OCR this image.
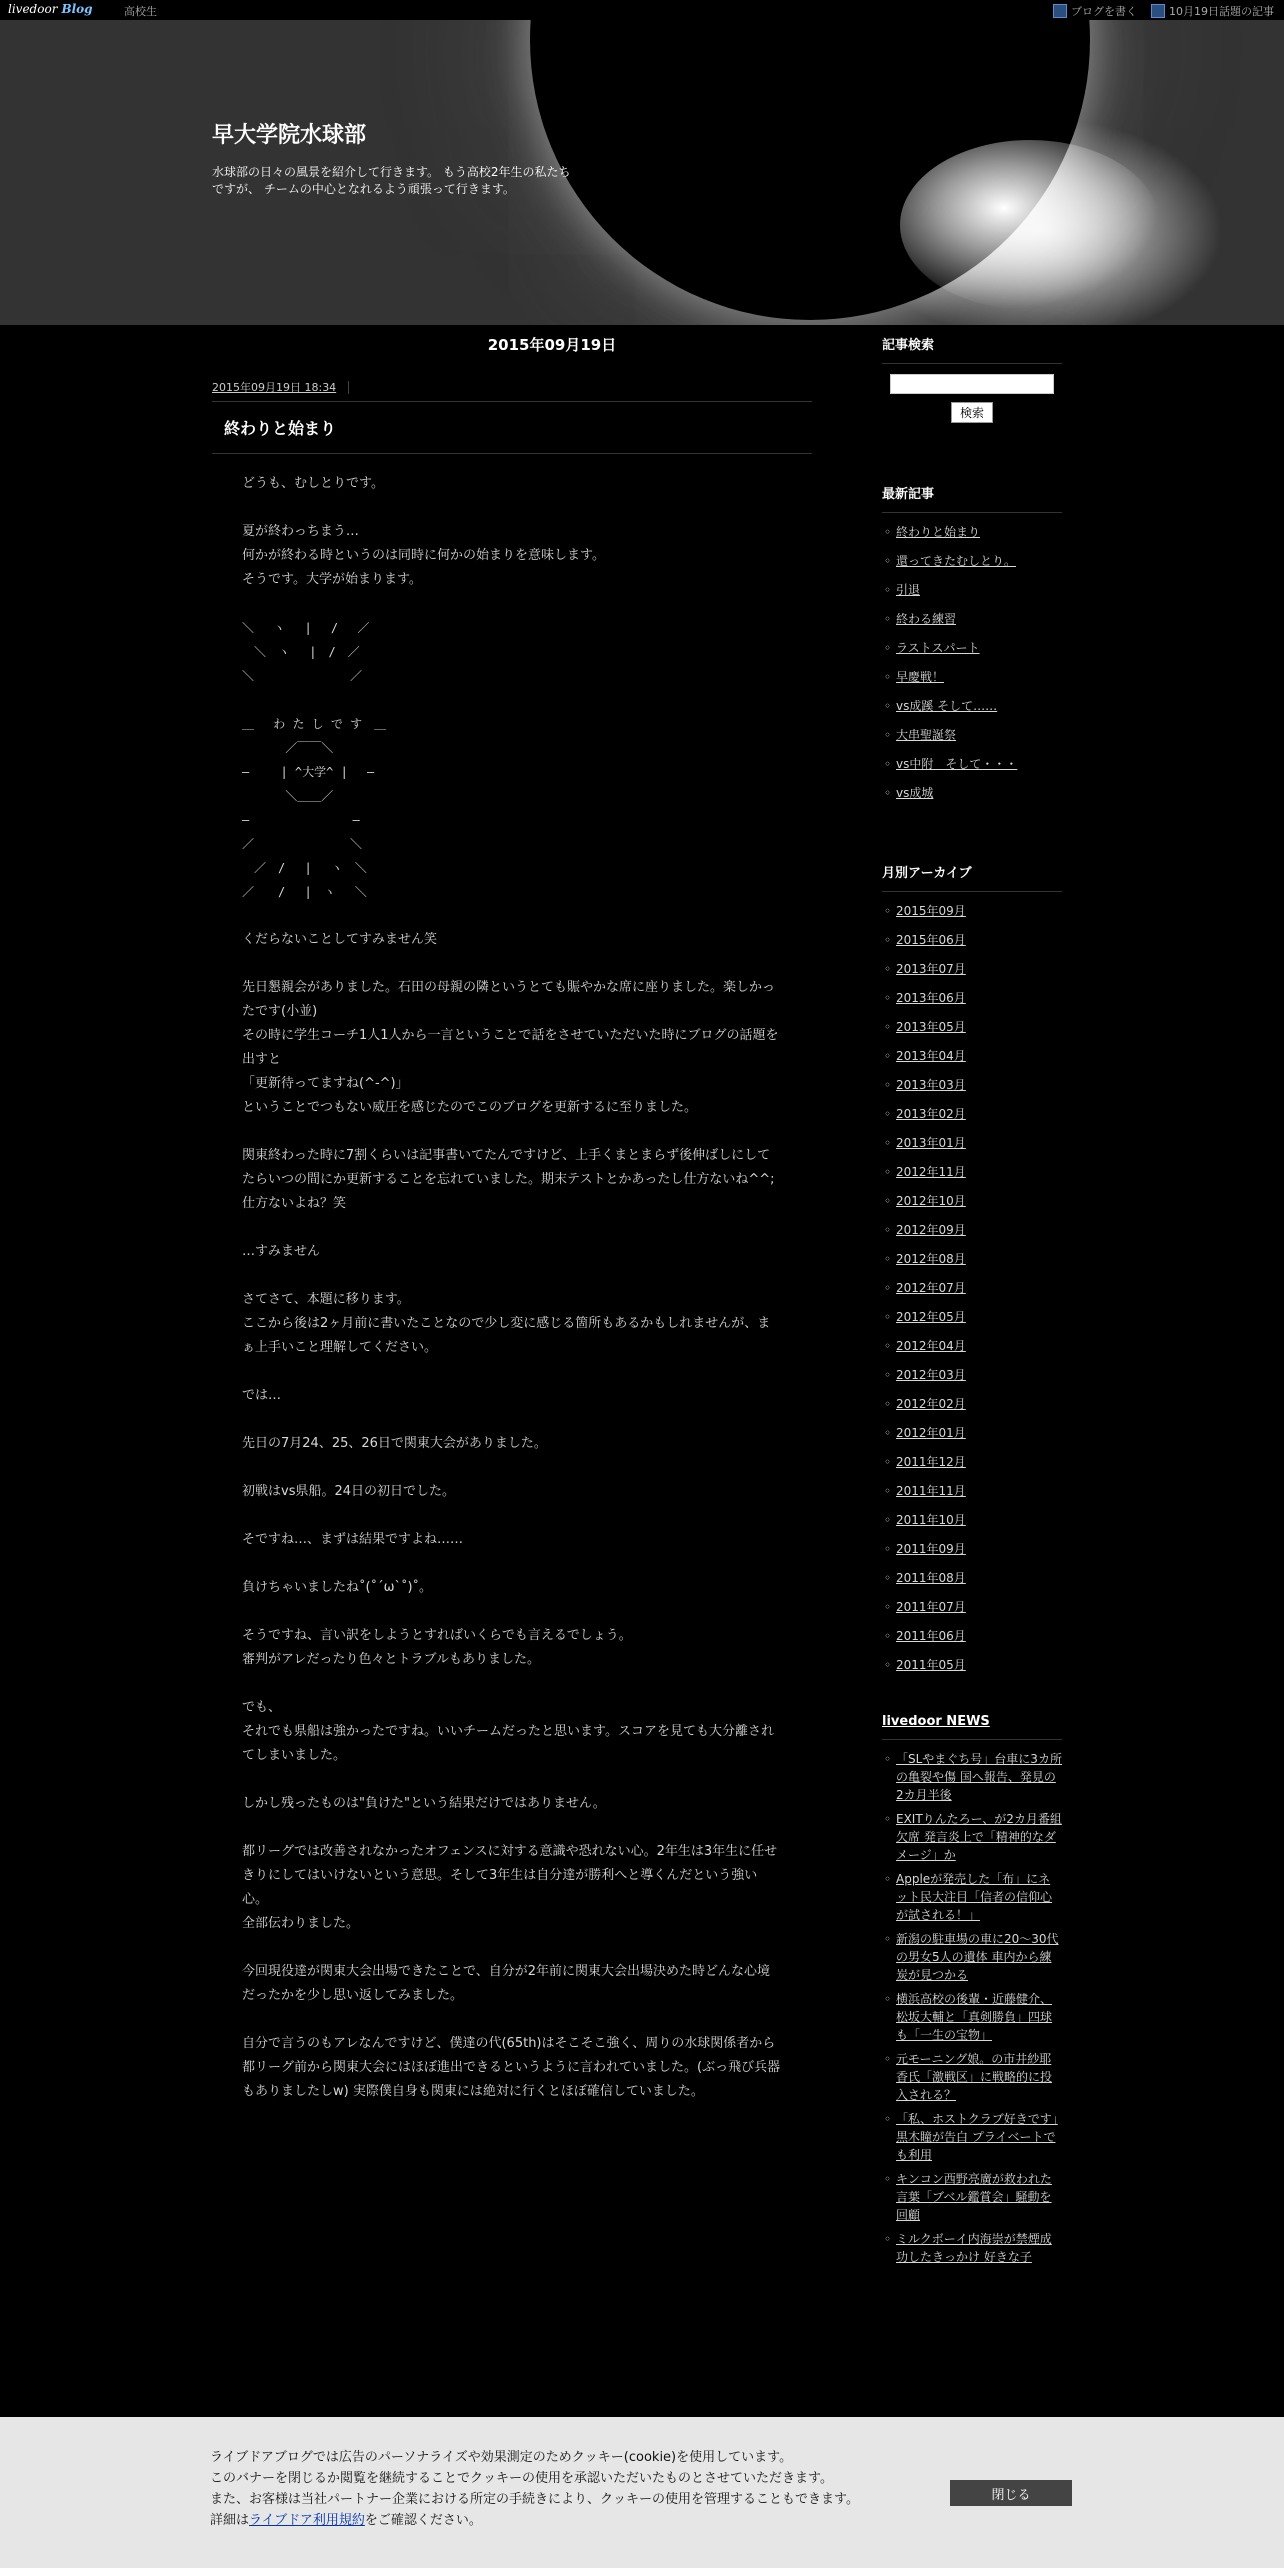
livedoor Blog	高校生	ブログを書く	10月19日話題の記事
早大学院水球部
水球部の日々の風景を紹介して行きます。 もう高校2年生の私たちですが、 チームの中心となれるよう頑張って行きます。
2015年09月19日
2015年09月19日 18:34
終わりと始まり

どうも、むしとりです。

夏が終わっちまう…
何かが終わる時というのは同時に何かの始まりを意味します。
そうです。大学が始まります。

＼　 ヽ　 |　 /　 ／
　＼　ヽ　 |　/　／
＼　　　　　　　　／

＿　 わ た し で す　＿
　　　 ／￣￣＼
―　　 | ^大学^ |　 ―
　　　 ＼＿＿／
―　　　　　　　　 ―
／　　　　　　　　＼
　／　/　 |　 ヽ　＼
／　　/　 |　ヽ　 ＼

くだらないことしてすみません笑

先日懇親会がありました。石田の母親の隣というとても賑やかな席に座りました。楽しかったです(小並)
その時に学生コーチ1人1人から一言ということで話をさせていただいた時にブログの話題を出すと
「更新待ってますね(^-^)」
ということでつもない威圧を感じたのでこのブログを更新するに至りました。

関東終わった時に7割くらいは記事書いてたんですけど、上手くまとまらず後伸ばしにしてたらいつの間にか更新することを忘れていました。期末テストとかあったし仕方ないね^^;
仕方ないよね？笑

…すみません

さてさて、本題に移ります。
ここから後は2ヶ月前に書いたことなので少し変に感じる箇所もあるかもしれませんが、まぁ上手いこと理解してください。

では…

先日の7月24、25、26日で関東大会がありました。

初戦はvs県船。24日の初日でした。

そですね…、まずは結果ですよね……

負けちゃいましたね˚(˚´ω`˚)˚。

そうですね、言い訳をしようとすればいくらでも言えるでしょう。
審判がアレだったり色々とトラブルもありました。

でも、
それでも県船は強かったですね。いいチームだったと思います。スコアを見ても大分離されてしまいました。

しかし残ったものは"負けた"という結果だけではありません。

都リーグでは改善されなかったオフェンスに対する意識や恐れない心。2年生は3年生に任せきりにしてはいけないという意思。そして3年生は自分達が勝利へと導くんだという強い心。
全部伝わりました。

今回現役達が関東大会出場できたことで、自分が2年前に関東大会出場決めた時どんな心境だったかを少し思い返してみました。

自分で言うのもアレなんですけど、僕達の代(65th)はそこそこ強く、周りの水球関係者から都リーグ前から関東大会にはほぼ進出できるというように言われていました。(ぶっ飛び兵器もありましたしw) 実際僕自身も関東には絶対に行くとほぼ確信していました。

記事検索

検索
最新記事
◦ 終わりと始まり
◦ 還ってきたむしとり。
◦ 引退
◦ 終わる練習
◦ ラストスパート
◦ 早慶戦！
◦ vs成蹊 そして……
◦ 大串聖誕祭
◦ vs中附　そして・・・
◦ vs成城
月別アーカイブ
◦ 2015年09月
◦ 2015年06月
◦ 2013年07月
◦ 2013年06月
◦ 2013年05月
◦ 2013年04月
◦ 2013年03月
◦ 2013年02月
◦ 2013年01月
◦ 2012年11月
◦ 2012年10月
◦ 2012年09月
◦ 2012年08月
◦ 2012年07月
◦ 2012年05月
◦ 2012年04月
◦ 2012年03月
◦ 2012年02月
◦ 2012年01月
◦ 2011年12月
◦ 2011年11月
◦ 2011年10月
◦ 2011年09月
◦ 2011年08月
◦ 2011年07月
◦ 2011年06月
◦ 2011年05月
livedoor NEWS
◦ 「SLやまぐち号」台車に3カ所の亀裂や傷 国へ報告、発見の2カ月半後
◦ EXITりんたろー、が2カ月番組欠席 発言炎上で「精神的なダメージ」か
◦ Appleが発売した「布」にネット民大注目「信者の信仰心が試される！」
◦ 新潟の駐車場の車に20〜30代の男女5人の遺体 車内から練炭が見つかる
◦ 横浜高校の後輩・近藤健介、松坂大輔と「真剣勝負」四球も「一生の宝物」
◦ 元モーニング娘。の市井紗耶香氏「激戦区」に戦略的に投入される？
◦ 「私、ホストクラブ好きです」黒木瞳が告白 プライベートでも利用
◦ キンコン西野亮廣が救われた言葉「ブベル鑑賞会」騒動を回顧
◦ ミルクボーイ内海崇が禁煙成功したきっかけ 好きな子
ライブドアブログでは広告のパーソナライズや効果測定のためクッキー(cookie)を使用しています。
このバナーを閉じるか閲覧を継続することでクッキーの使用を承認いただいたものとさせていただきます。
また、お客様は当社パートナー企業における所定の手続きにより、クッキーの使用を管理することもできます。
詳細はライブドア利用規約をご確認ください。
閉じる
